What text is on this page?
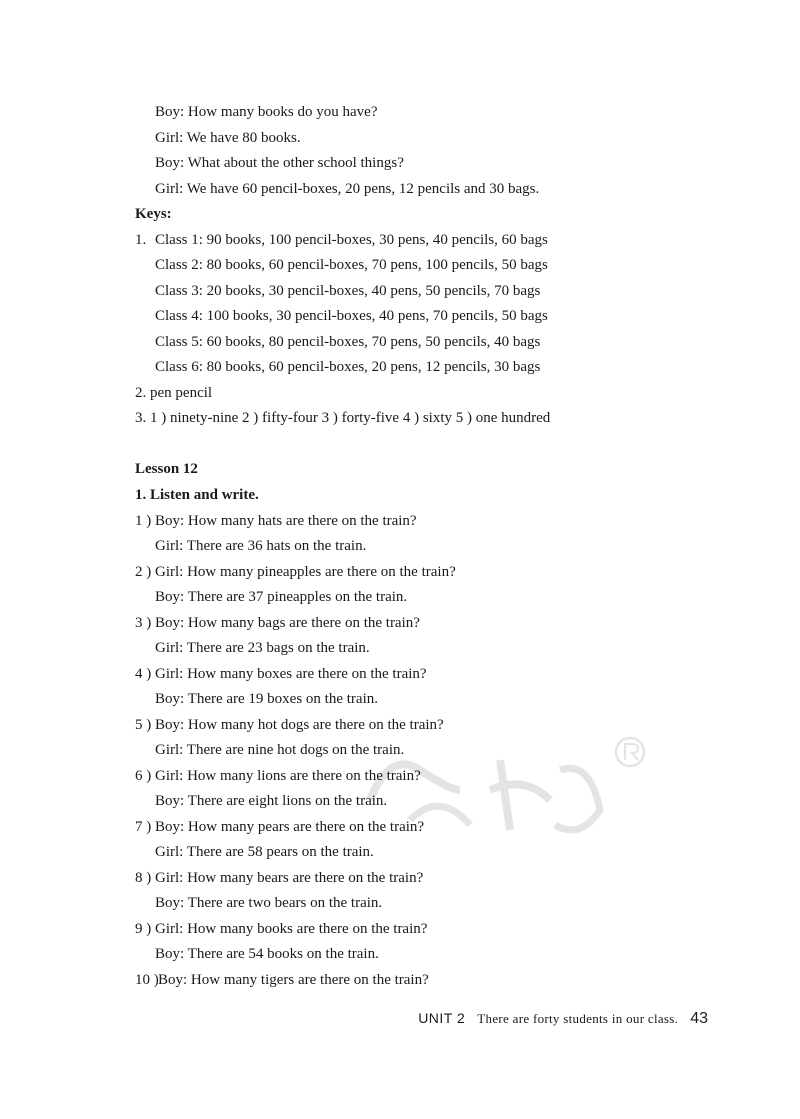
Boy: How many books do you have?
Girl: We have 80 books.
Boy: What about the other school things?
Girl: We have 60 pencil-boxes, 20 pens, 12 pencils and 30 bags.
Keys:
1. Class 1: 90 books, 100 pencil-boxes, 30 pens, 40 pencils, 60 bags
Class 2: 80 books, 60 pencil-boxes, 70 pens, 100 pencils, 50 bags
Class 3: 20 books, 30 pencil-boxes, 40 pens, 50 pencils, 70 bags
Class 4: 100 books, 30 pencil-boxes, 40 pens, 70 pencils, 50 bags
Class 5: 60 books, 80 pencil-boxes, 70 pens, 50 pencils, 40 bags
Class 6: 80 books, 60 pencil-boxes, 20 pens, 12 pencils, 30 bags
2. pen pencil
3. 1 ) ninety-nine 2 ) fifty-four 3 ) forty-five 4 ) sixty 5 ) one hundred
Lesson 12
1. Listen and write.
1 ) Boy: How many hats are there on the train?
Girl: There are 36 hats on the train.
2 ) Girl: How many pineapples are there on the train?
Boy: There are 37 pineapples on the train.
3 ) Boy: How many bags are there on the train?
Girl: There are 23 bags on the train.
4 ) Girl: How many boxes are there on the train?
Boy: There are 19 boxes on the train.
5 ) Boy: How many hot dogs are there on the train?
Girl: There are nine hot dogs on the train.
6 ) Girl: How many lions are there on the train?
Boy: There are eight lions on the train.
7 ) Boy: How many pears are there on the train?
Girl: There are 58 pears on the train.
8 ) Girl: How many bears are there on the train?
Boy: There are two bears on the train.
9 ) Girl: How many books are there on the train?
Boy: There are 54 books on the train.
10 ) Boy: How many tigers are there on the train?
UNIT 2 There are forty students in our class. 43
